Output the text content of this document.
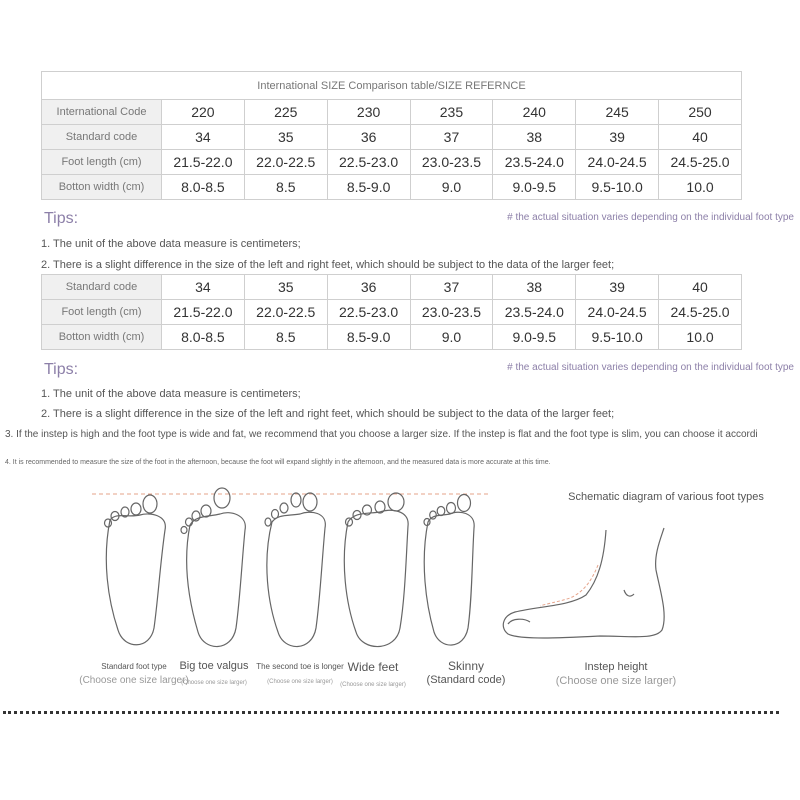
International SIZE Comparison table/SIZE REFERNCE							
International Code	220	225	230	235	240	245	250
Standard code	34	35	36	37	38	39	40
Foot length (cm)	21.5-22.0	22.0-22.5	22.5-23.0	23.0-23.5	23.5-24.0	24.0-24.5	24.5-25.0
Botton width (cm)	8.0-8.5	8.5	8.5-9.0	9.0	9.0-9.5	9.5-10.0	10.0
Tips:	# the actual situation varies depending on the individual foot type
1. The unit of the above data measure is centimeters;
2. There is a slight difference in the size of the left and right feet, which should be subject to the data of the larger feet;
Standard code	34	35	36	37	38	39	40
Foot length (cm)	21.5-22.0	22.0-22.5	22.5-23.0	23.0-23.5	23.5-24.0	24.0-24.5	24.5-25.0
Botton width (cm)	8.0-8.5	8.5	8.5-9.0	9.0	9.0-9.5	9.5-10.0	10.0
Tips:	# the actual situation varies depending on the individual foot type
1. The unit of the above data measure is centimeters;
2. There is a slight difference in the size of the left and right feet, which should be subject to the data of the larger feet;
3. If the instep is high and the foot type is wide and fat, we recommend that you choose a larger size. If the instep is flat and the foot type is slim, you can choose it accordi
4. It is recommended to measure the size of the foot in the afternoon, because the foot will expand slightly in the afternoon, and the measured data is more accurate at this time.
Schematic diagram of various foot types
Standard foot type
(Choose one size larger)
Big toe valgus
(Choose one size larger)
The second toe is longer
(Choose one size larger)
Wide feet
(Choose one size larger)
Skinny
(Standard code)
Instep height
(Choose one size larger)
